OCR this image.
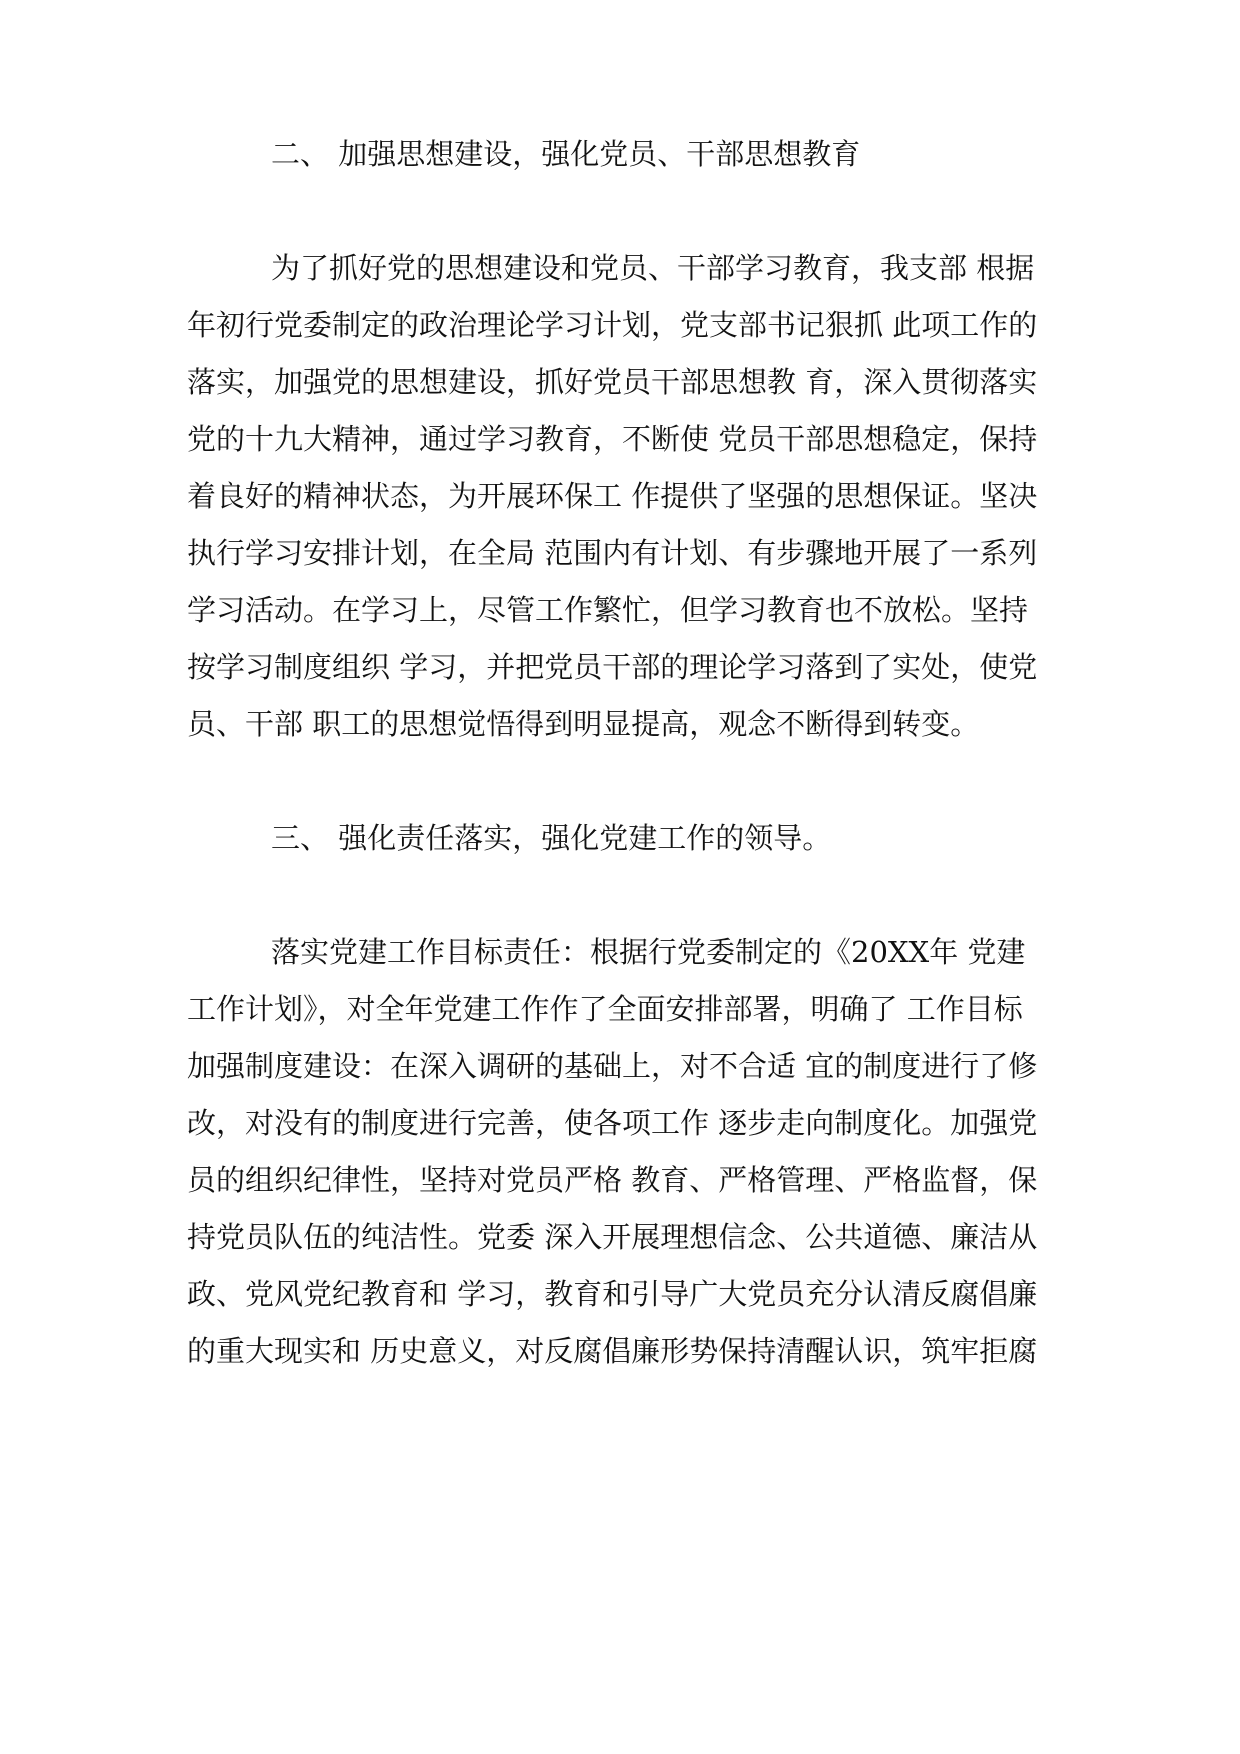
二、 加强思想建设，强化党员、干部思想教育
为了抓好党的思想建设和党员、干部学习教育，我支部 根据
年初行党委制定的政治理论学习计划，党支部书记狠抓 此项工作的
落实，加强党的思想建设，抓好党员干部思想教 育，深入贯彻落实
党的十九大精神，通过学习教育，不断使 党员干部思想稳定，保持
着良好的精神状态，为开展环保工 作提供了坚强的思想保证。坚决
执行学习安排计划，在全局 范围内有计划、有步骤地开展了一系列
学习活动。在学习上，尽管工作繁忙，但学习教育也不放松。坚持
按学习制度组织 学习，并把党员干部的理论学习落到了实处，使党
员、干部 职工的思想觉悟得到明显提高，观念不断得到转变。
三、 强化责任落实，强化党建工作的领导。
落实党建工作目标责任：根据行党委制定的《20XX年 党建
工作计划》，对全年党建工作作了全面安排部署，明确了 工作目标
加强制度建设：在深入调研的基础上，对不合适 宜的制度进行了修
改，对没有的制度进行完善，使各项工作 逐步走向制度化。加强党
员的组织纪律性，坚持对党员严格 教育、严格管理、严格监督，保
持党员队伍的纯洁性。党委 深入开展理想信念、公共道德、廉洁从
政、党风党纪教育和 学习，教育和引导广大党员充分认清反腐倡廉
的重大现实和 历史意义，对反腐倡廉形势保持清醒认识，筑牢拒腐
